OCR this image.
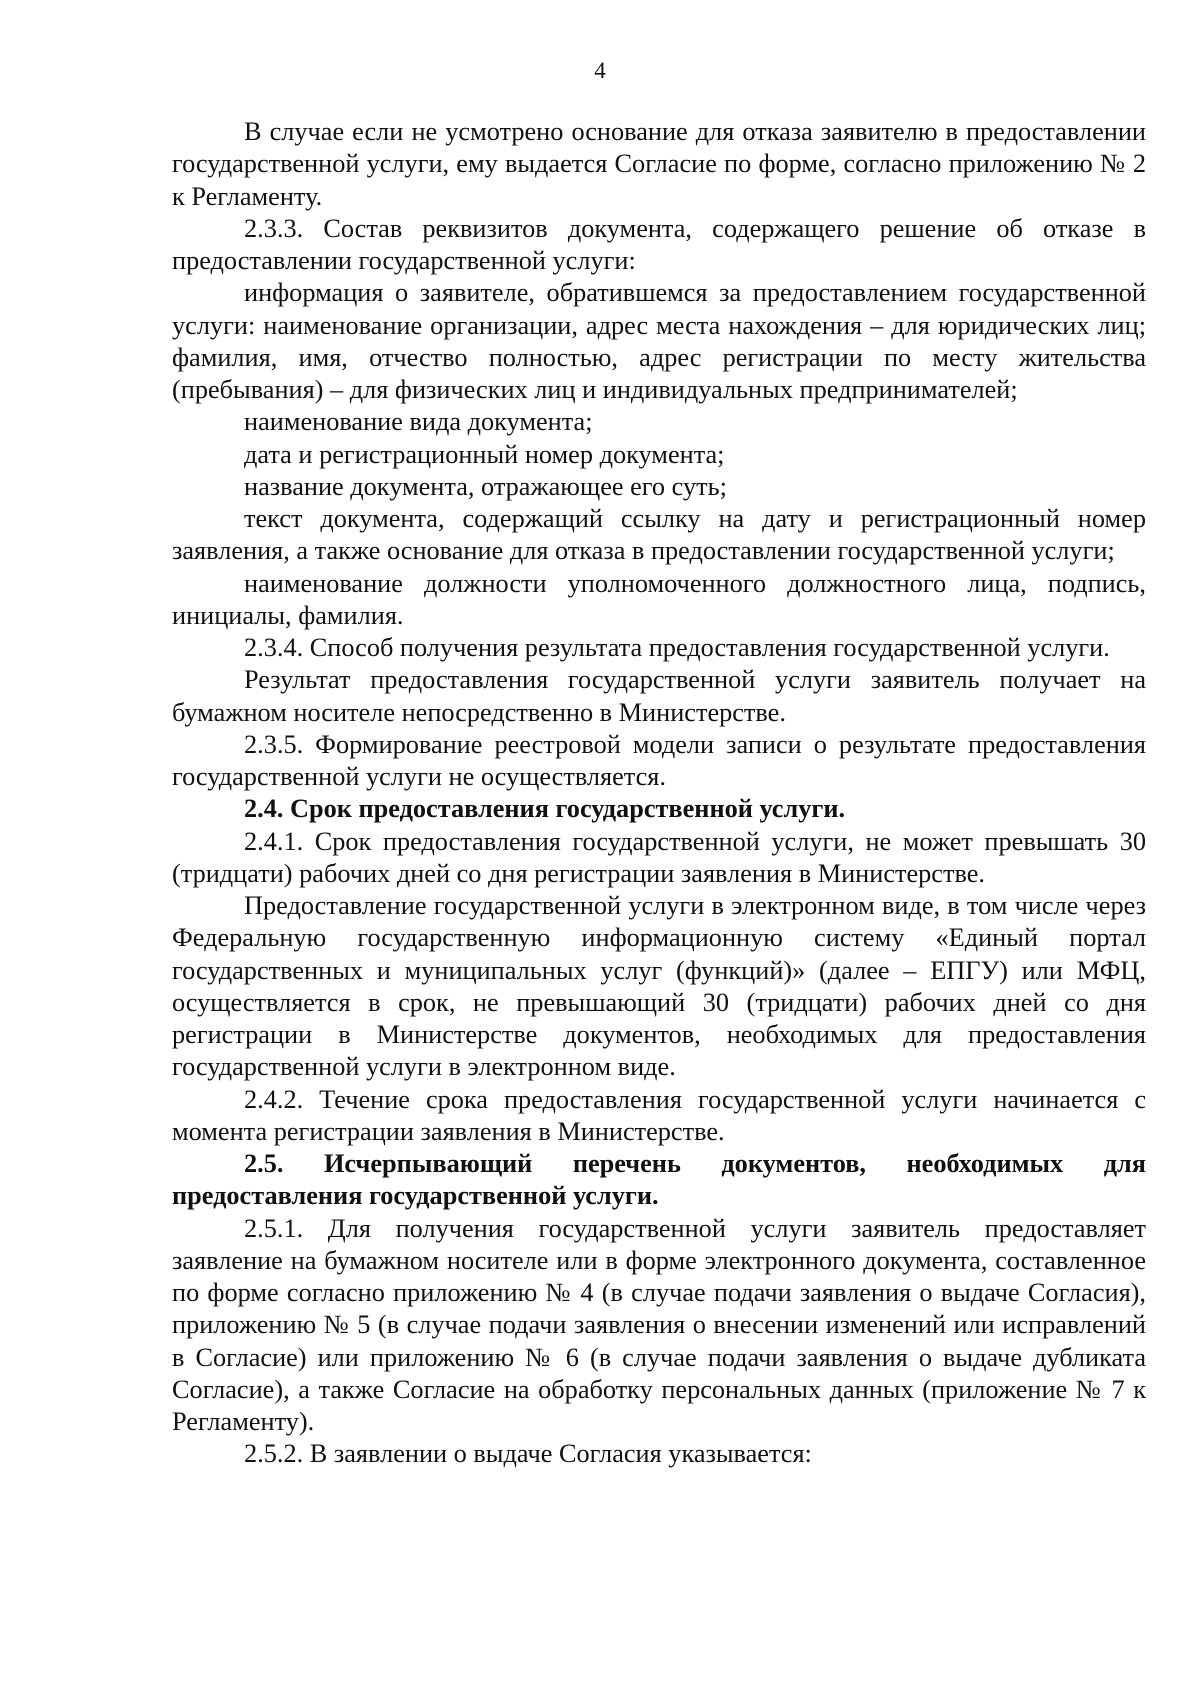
4

В случае если не усмотрено основание для отказа заявителю в предоставлении государственной услуги, ему выдается Согласие по форме, согласно приложению № 2 к Регламенту.

2.3.3. Состав реквизитов документа, содержащего решение об отказе в предоставлении государственной услуги:

информация о заявителе, обратившемся за предоставлением государственной услуги: наименование организации, адрес места нахождения – для юридических лиц; фамилия, имя, отчество полностью, адрес регистрации по месту жительства (пребывания) – для физических лиц и индивидуальных предпринимателей;

наименование вида документа;

дата и регистрационный номер документа;

название документа, отражающее его суть;

текст документа, содержащий ссылку на дату и регистрационный номер заявления, а также основание для отказа в предоставлении государственной услуги;

наименование должности уполномоченного должностного лица, подпись, инициалы, фамилия.

2.3.4. Способ получения результата предоставления государственной услуги.

Результат предоставления государственной услуги заявитель получает на бумажном носителе непосредственно в Министерстве.

2.3.5. Формирование реестровой модели записи о результате предоставления государственной услуги не осуществляется.

2.4. Срок предоставления государственной услуги.

2.4.1. Срок предоставления государственной услуги, не может превышать 30 (тридцати) рабочих дней со дня регистрации заявления в Министерстве.

Предоставление государственной услуги в электронном виде, в том числе через Федеральную государственную информационную систему «Единый портал государственных и муниципальных услуг (функций)» (далее – ЕПГУ) или МФЦ, осуществляется в срок, не превышающий 30 (тридцати) рабочих дней со дня регистрации в Министерстве документов, необходимых для предоставления государственной услуги в электронном виде.

2.4.2. Течение срока предоставления государственной услуги начинается с момента регистрации заявления в Министерстве.

2.5. Исчерпывающий перечень документов, необходимых для предоставления государственной услуги.

2.5.1. Для получения государственной услуги заявитель предоставляет заявление на бумажном носителе или в форме электронного документа, составленное по форме согласно приложению № 4 (в случае подачи заявления о выдаче Согласия), приложению № 5 (в случае подачи заявления о внесении изменений или исправлений в Согласие) или приложению № 6 (в случае подачи заявления о выдаче дубликата Согласие), а также Согласие на обработку персональных данных (приложение № 7 к Регламенту).

2.5.2. В заявлении о выдаче Согласия указывается:
